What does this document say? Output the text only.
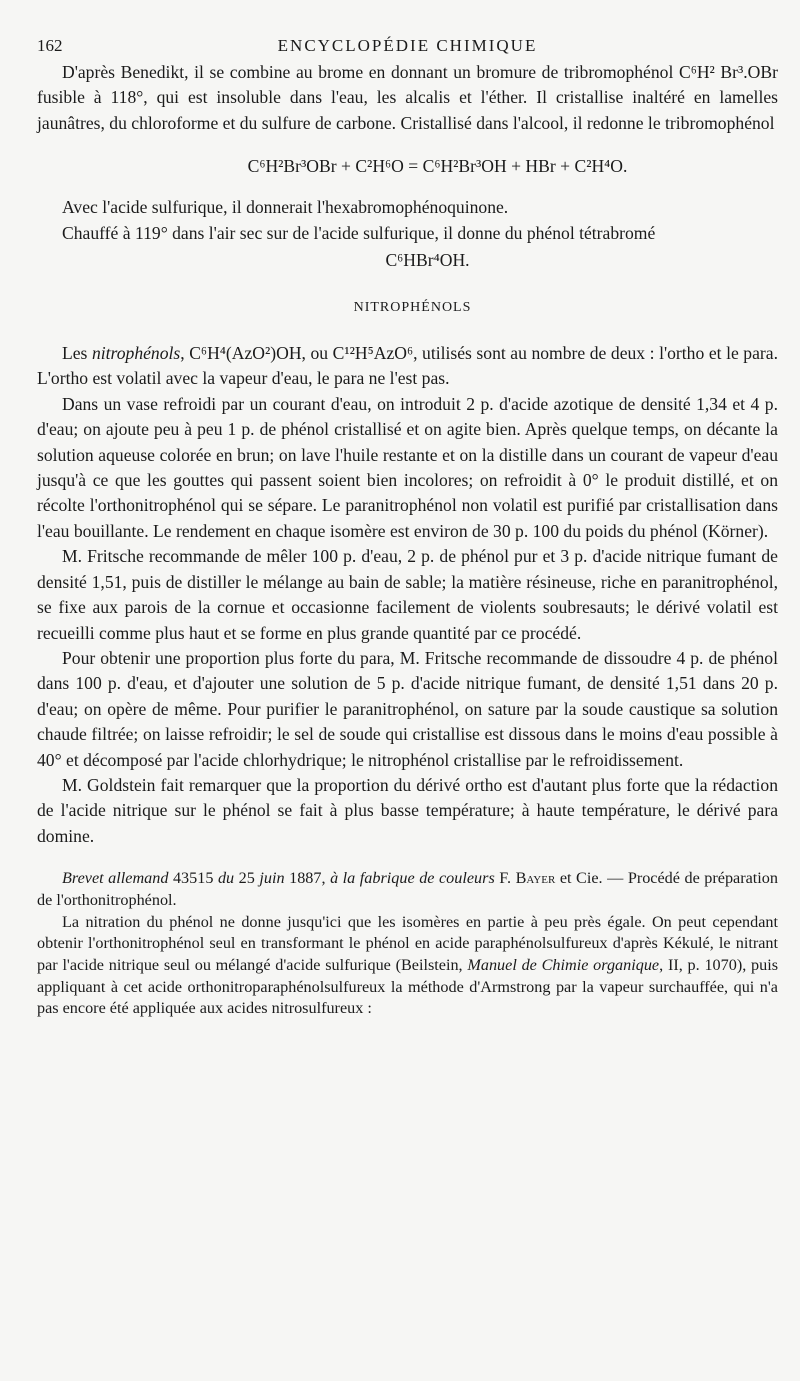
162	ENCYCLOPÉDIE CHIMIQUE

D'après Benedikt, il se combine au brome en donnant un bromure de tribromophénol C⁶H² Br³.OBr fusible à 118°, qui est insoluble dans l'eau, les alcalis et l'éther. Il cristallise inaltéré en lamelles jaunâtres, du chloroforme et du sulfure de carbone. Cristallisé dans l'alcool, il redonne le tribromophénol

C⁶H²Br³OBr + C²H⁶O = C⁶H²Br³OH + HBr + C²H⁴O.

Avec l'acide sulfurique, il donnerait l'hexabromophénoquinone.

Chauffé à 119° dans l'air sec sur de l'acide sulfurique, il donne du phénol tétrabromé

C⁶HBr⁴OH.
NITROPHÉNOLS

Les nitrophénols, C⁶H⁴(AzO²)OH, ou C¹²H⁵AzO⁶, utilisés sont au nombre de deux : l'ortho et le para. L'ortho est volatil avec la vapeur d'eau, le para ne l'est pas.

Dans un vase refroidi par un courant d'eau, on introduit 2 p. d'acide azotique de densité 1,34 et 4 p. d'eau; on ajoute peu à peu 1 p. de phénol cristallisé et on agite bien. Après quelque temps, on décante la solution aqueuse colorée en brun; on lave l'huile restante et on la distille dans un courant de vapeur d'eau jusqu'à ce que les gouttes qui passent soient bien incolores; on refroidit à 0° le produit distillé, et on récolte l'orthonitrophénol qui se sépare. Le paranitrophénol non volatil est purifié par cristallisation dans l'eau bouillante. Le rendement en chaque isomère est environ de 30 p. 100 du poids du phénol (Körner).

M. Fritsche recommande de mêler 100 p. d'eau, 2 p. de phénol pur et 3 p. d'acide nitrique fumant de densité 1,51, puis de distiller le mélange au bain de sable; la matière résineuse, riche en paranitrophénol, se fixe aux parois de la cornue et occasionne facilement de violents soubresauts; le dérivé volatil est recueilli comme plus haut et se forme en plus grande quantité par ce procédé.

Pour obtenir une proportion plus forte du para, M. Fritsche recommande de dissoudre 4 p. de phénol dans 100 p. d'eau, et d'ajouter une solution de 5 p. d'acide nitrique fumant, de densité 1,51 dans 20 p. d'eau; on opère de même. Pour purifier le paranitrophénol, on sature par la soude caustique sa solution chaude filtrée; on laisse refroidir; le sel de soude qui cristallise est dissous dans le moins d'eau possible à 40° et décomposé par l'acide chlorhydrique; le nitrophénol cristallise par le refroidissement.

M. Goldstein fait remarquer que la proportion du dérivé ortho est d'autant plus forte que la rédaction de l'acide nitrique sur le phénol se fait à plus basse température; à haute température, le dérivé para domine.

Brevet allemand 43515 du 25 juin 1887, à la fabrique de couleurs F. Bayer et Cie. — Procédé de préparation de l'orthonitrophénol.

La nitration du phénol ne donne jusqu'ici que les isomères en partie à peu près égale. On peut cependant obtenir l'orthonitrophénol seul en transformant le phénol en acide paraphénolsulfureux d'après Kékulé, le nitrant par l'acide nitrique seul ou mélangé d'acide sulfurique (Beilstein, Manuel de Chimie organique, II, p. 1070), puis appliquant à cet acide orthonitroparaphénolsulfureux la méthode d'Armstrong par la vapeur surchauffée, qui n'a pas encore été appliquée aux acides nitrosulfureux :
